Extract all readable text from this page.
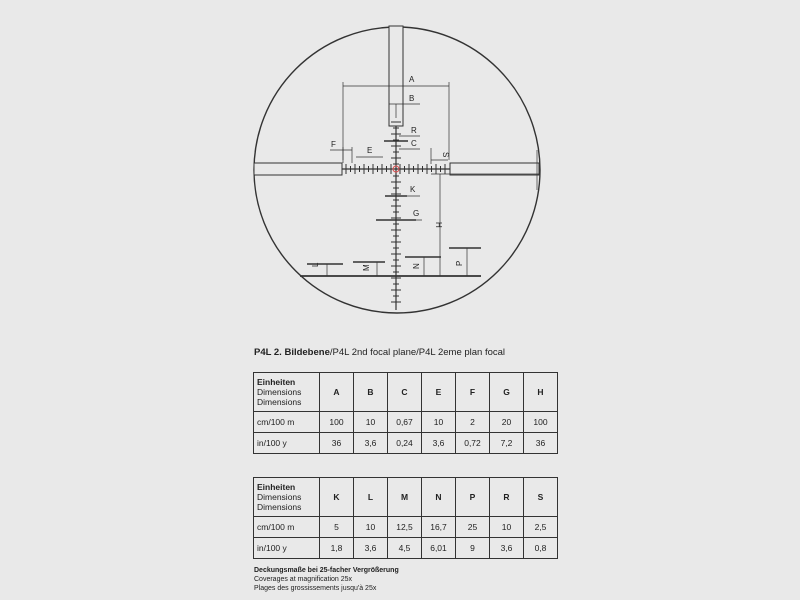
A
B
R
C
F
E	S
K
G
H
L	M	N	P
P4L 2. Bildebene/P4L 2nd focal plane/P4L 2eme plan focal
Einheiten
Dimensions
Dimensions	A	B	C	E	F	G	H
cm/100 m	100	10	0,67	10	2	20	100
in/100 y	36	3,6	0,24	3,6	0,72	7,2	36
Einheiten
Dimensions
Dimensions	K	L	M	N	P	R	S
cm/100 m	5	10	12,5	16,7	25	10	2,5
in/100 y	1,8	3,6	4,5	6,01	9	3,6	0,8
Deckungsmaße bei 25-facher Vergrößerung
Coverages at magnification 25x
Plages des grossissements jusqu'à 25x
